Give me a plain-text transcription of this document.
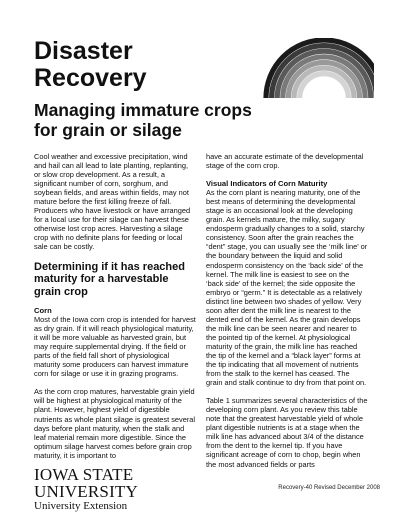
Disaster
Recovery
Managing immature crops
for grain or silage

Cool weather and excessive precipitation, wind and hail can all lead to late planting, replanting, or slow crop development. As a result, a significant number of corn, sorghum, and soybean fields, and areas within fields, may not mature before the first killing freeze of fall. Producers who have livestock or have arranged for a local use for their silage can harvest these otherwise lost crop acres. Harvesting a silage crop with no definite plans for feeding or local sale can be costly.

Determining if it has reached maturity for a harvestable grain crop
Corn

Most of the Iowa corn crop is intended for harvest as dry grain. If it will reach physiological maturity, it will be more valuable as harvested grain, but may require supplemental drying. If the field or parts of the field fall short of physiological maturity some producers can harvest immature corn for silage or use it in grazing programs.

As the corn crop matures, harvestable grain yield will be highest at physiological maturity of the plant. However, highest yield of digestible nutrients as whole plant silage is greatest several days before plant maturity, when the stalk and leaf material remain more digestible. Since the optimum silage harvest comes before grain crop maturity, it is important to

have an accurate estimate of the developmental stage of the corn crop.

Visual Indicators of Corn Maturity

As the corn plant is nearing maturity, one of the best means of determining the developmental stage is an occasional look at the developing grain. As kernels mature, the milky, sugary endosperm gradually changes to a solid, starchy consistency. Soon after the grain reaches the “dent” stage, you can usually see the ‘milk line’ or the boundary between the liquid and solid endosperm consistency on the ‘back side’ of the kernel. The milk line is easiest to see on the ‘back side’ of the kernel; the side opposite the embryo or “germ.” It is detectable as a relatively distinct line between two shades of yellow. Very soon after dent the milk line is nearest to the dented end of the kernel. As the grain develops the milk line can be seen nearer and nearer to the pointed tip of the kernel. At physiological maturity of the grain, the milk line has reached the tip of the kernel and a “black layer” forms at the tip indicating that all movement of nutrients from the stalk to the kernel has ceased. The grain and stalk continue to dry from that point on.

Table 1 summarizes several characteristics of the developing corn plant. As you review this table note that the greatest harvestable yield of whole plant digestible nutrients is at a stage when the milk line has advanced about 3/4 of the distance from the dent to the kernel tip. If you have significant acreage of corn to chop, begin when the most advanced fields or parts

IOWA STATE UNIVERSITY
University Extension
Recovery-40 Revised December 2008
